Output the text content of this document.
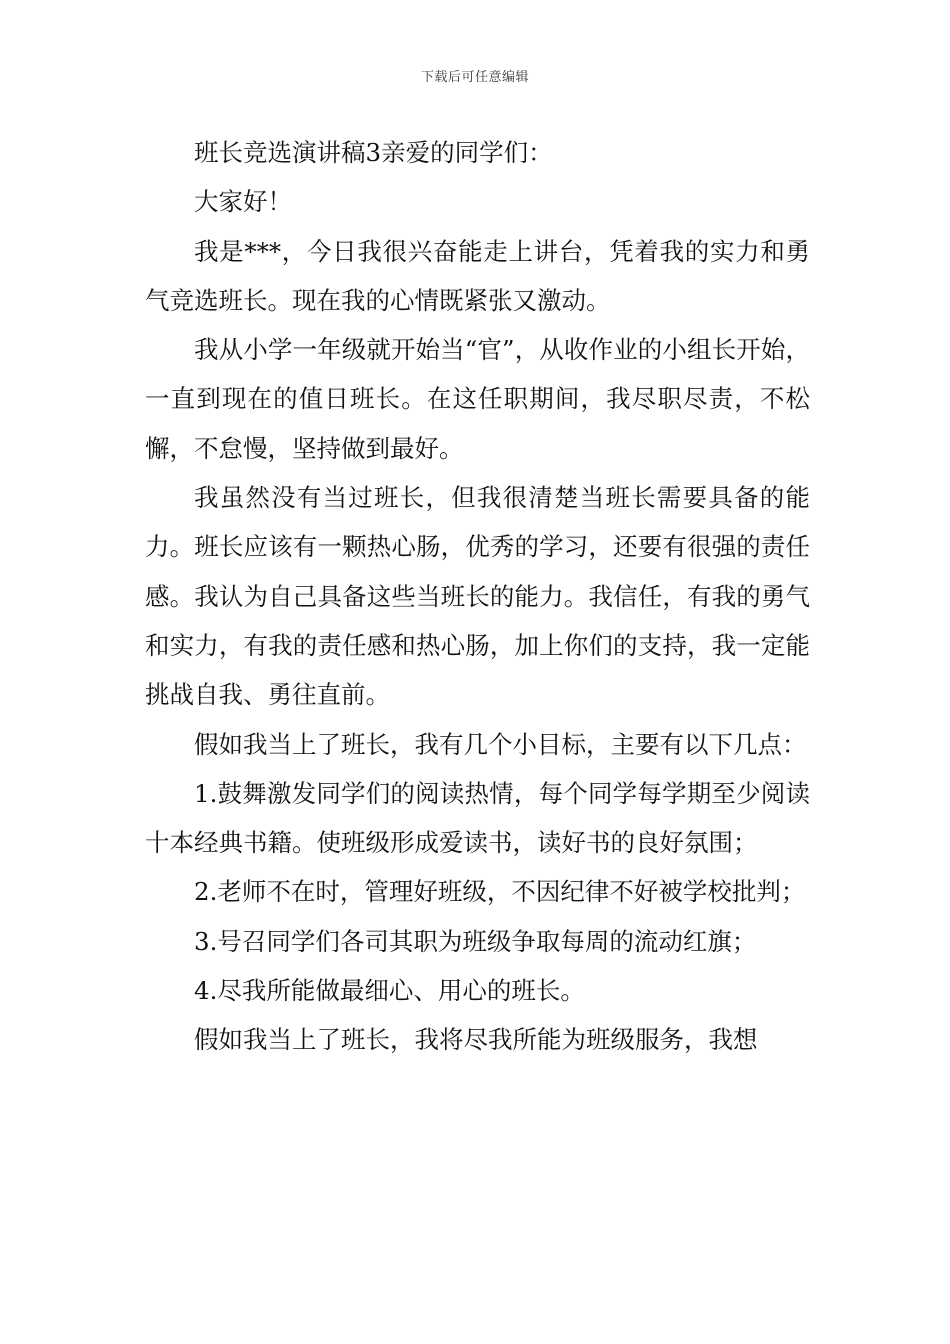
下载后可任意编辑

班长竞选演讲稿3亲爱的同学们：

大家好！

我是***，今日我很兴奋能走上讲台，凭着我的实力和勇气竞选班长。现在我的心情既紧张又激动。

我从小学一年级就开始当“官”，从收作业的小组长开始，一直到现在的值日班长。在这任职期间，我尽职尽责，不松懈，不怠慢，坚持做到最好。

我虽然没有当过班长，但我很清楚当班长需要具备的能力。班长应该有一颗热心肠，优秀的学习，还要有很强的责任感。我认为自己具备这些当班长的能力。我信任，有我的勇气和实力，有我的责任感和热心肠，加上你们的支持，我一定能挑战自我、勇往直前。

假如我当上了班长，我有几个小目标，主要有以下几点：

1.鼓舞激发同学们的阅读热情，每个同学每学期至少阅读十本经典书籍。使班级形成爱读书，读好书的良好氛围；

2.老师不在时，管理好班级，不因纪律不好被学校批判；

3.号召同学们各司其职为班级争取每周的流动红旗；

4.尽我所能做最细心、用心的班长。

假如我当上了班长，我将尽我所能为班级服务，我想
